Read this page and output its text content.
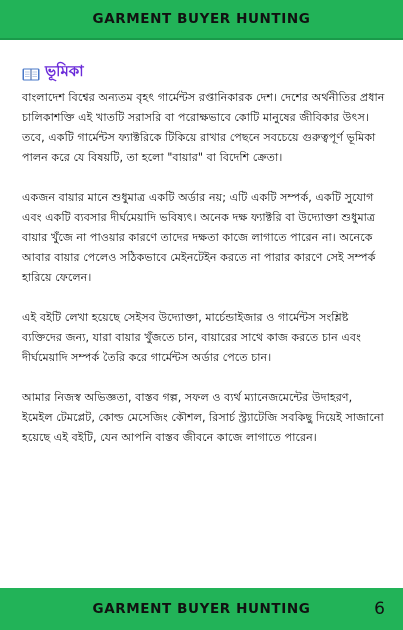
GARMENT BUYER HUNTING
ভূমিকা

বাংলাদেশ বিশ্বের অন্যতম বৃহৎ গার্মেন্টস রপ্তানিকারক দেশ। দেশের অর্থনীতির প্রধান চালিকাশক্তি এই খাতটি সরাসরি বা পরোক্ষভাবে কোটি মানুষের জীবিকার উৎস। তবে, একটি গার্মেন্টস ফ্যাক্টরিকে টিকিয়ে রাখার পেছনে সবচেয়ে গুরুত্বপূর্ণ ভূমিকা পালন করে যে বিষয়টি, তা হলো "বায়ার" বা বিদেশি ক্রেতা।

একজন বায়ার মানে শুধুমাত্র একটি অর্ডার নয়; এটি একটি সম্পর্ক, একটি সুযোগ এবং একটি ব্যবসার দীর্ঘমেয়াদি ভবিষ্যৎ। অনেক দক্ষ ফ্যাক্টরি বা উদ্যোক্তা শুধুমাত্র বায়ার খুঁজে না পাওয়ার কারণে তাদের দক্ষতা কাজে লাগাতে পারেন না। অনেকে আবার বায়ার পেলেও সঠিকভাবে মেইনটেইন করতে না পারার কারণে সেই সম্পর্ক হারিয়ে ফেলেন।

এই বইটি লেখা হয়েছে সেইসব উদ্যোক্তা, মার্চেন্ডাইজার ও গার্মেন্টস সংশ্লিষ্ট ব্যক্তিদের জন্য, যারা বায়ার খুঁজতে চান, বায়ারের সাথে কাজ করতে চান এবং দীর্ঘমেয়াদি সম্পর্ক তৈরি করে গার্মেন্টস অর্ডার পেতে চান।

আমার নিজস্ব অভিজ্ঞতা, বাস্তব গল্প, সফল ও ব্যর্থ ম্যানেজমেন্টের উদাহরণ, ইমেইল টেমপ্লেট, কোল্ড মেসেজিং কৌশল, রিসার্চ স্ট্র্যাটেজি সবকিছু দিয়েই সাজানো হয়েছে এই বইটি, যেন আপনি বাস্তব জীবনে কাজে লাগাতে পারেন।

GARMENT BUYER HUNTING	6
